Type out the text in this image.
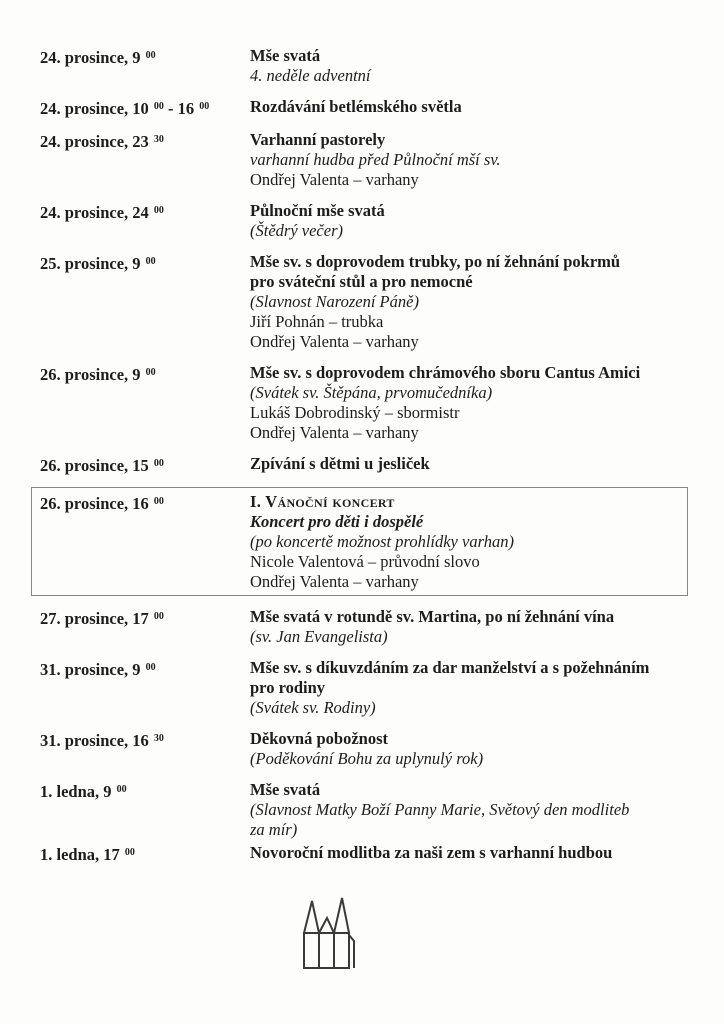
24. prosince, 9 $^{00}$	Mše svatá
4. neděle adventní
24. prosince, 10 $^{00}$ - 16 $^{00}$	Rozdávání betlémského světla
24. prosince, 23 $^{30}$	Varhanní pastorely
varhanní hudba před Půlnoční mší sv.
Ondřej Valenta – varhany
24. prosince, 24 $^{00}$	Půlnoční mše svatá
(Štědrý večer)
25. prosince, 9 $^{00}$	Mše sv. s doprovodem trubky, po ní žehnání pokrmů
pro sváteční stůl a pro nemocné
(Slavnost Narození Páně)
Jiří Pohnán – trubka
Ondřej Valenta – varhany
26. prosince, 9 $^{00}$	Mše sv. s doprovodem chrámového sboru Cantus Amici
(Svátek sv. Štěpána, prvomučedníka)
Lukáš Dobrodinský – sbormistr
Ondřej Valenta – varhany
26. prosince, 15 $^{00}$	Zpívání s dětmi u jesliček
26. prosince, 16 $^{00}$	I. Vánoční koncert
Koncert pro děti i dospělé
(po koncertě možnost prohlídky varhan)
Nicole Valentová – průvodní slovo
Ondřej Valenta – varhany
27. prosince, 17 $^{00}$	Mše svatá v rotundě sv. Martina, po ní žehnání vína
(sv. Jan Evangelista)
31. prosince, 9 $^{00}$	Mše sv. s díkuvzdáním za dar manželství a s požehnáním
pro rodiny
(Svátek sv. Rodiny)
31. prosince, 16 $^{30}$	Děkovná pobožnost
(Poděkování Bohu za uplynulý rok)
1. ledna, 9 $^{00}$	Mše svatá
(Slavnost Matky Boží Panny Marie, Světový den modliteb
za mír)
1. ledna, 17 $^{00}$	Novoroční modlitba za naši zem s varhanní hudbou
